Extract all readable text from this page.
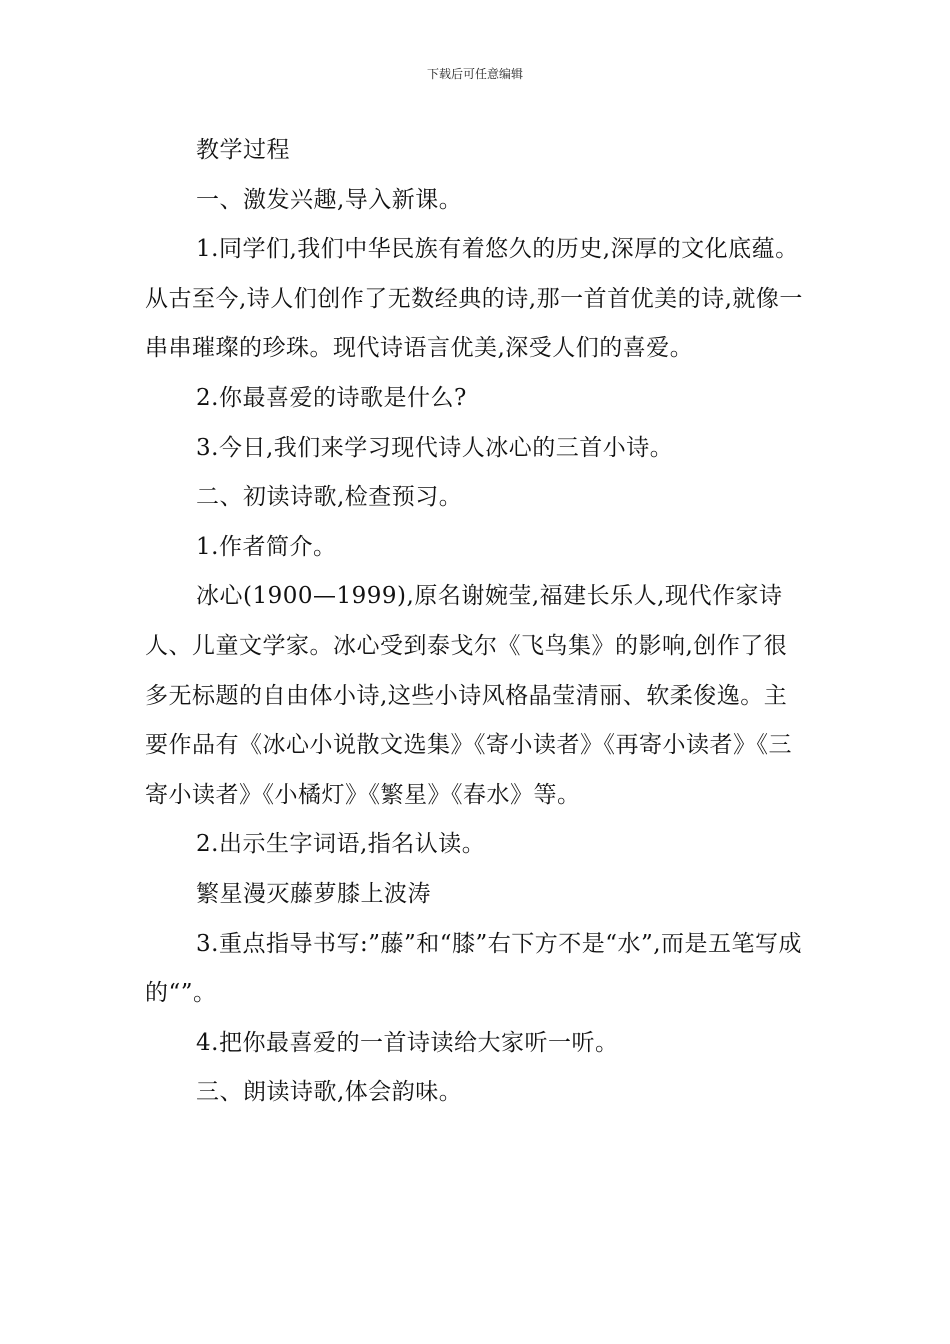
下载后可任意编辑

教学过程

一、激发兴趣,导入新课。

1.同学们,我们中华民族有着悠久的历史,深厚的文化底蕴。从古至今,诗人们创作了无数经典的诗,那一首首优美的诗,就像一串串璀璨的珍珠。现代诗语言优美,深受人们的喜爱。

2.你最喜爱的诗歌是什么?

3.今日,我们来学习现代诗人冰心的三首小诗。

二、初读诗歌,检查预习。

1.作者简介。

冰心(1900—1999),原名谢婉莹,福建长乐人,现代作家诗人、儿童文学家。冰心受到泰戈尔《飞鸟集》的影响,创作了很多无标题的自由体小诗,这些小诗风格晶莹清丽、软柔俊逸。主要作品有《冰心小说散文选集》《寄小读者》《再寄小读者》《三寄小读者》《小橘灯》《繁星》《春水》等。

2.出示生字词语,指名认读。

繁星漫灭藤萝膝上波涛

3.重点指导书写:”藤”和“膝”右下方不是“水”,而是五笔写成的“”。

4.把你最喜爱的一首诗读给大家听一听。

三、朗读诗歌,体会韵味。
